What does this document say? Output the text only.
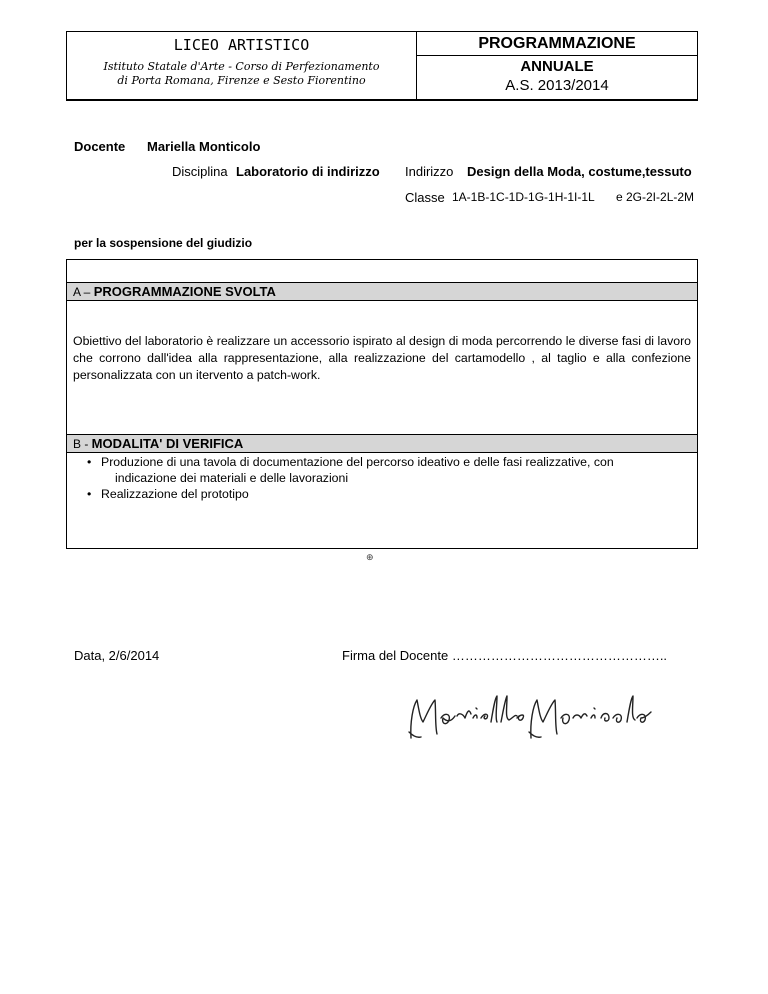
LICEO ARTISTICO
Istituto Statale d'Arte - Corso di Perfezionamento
di Porta Romana, Firenze e Sesto Fiorentino
PROGRAMMAZIONE
ANNUALE
A.S. 2013/2014
Docente Mariella Monticolo
Disciplina Laboratorio di indirizzo Indirizzo Design della Moda, costume,tessuto
Classe 1A-1B-1C-1D-1G-1H-1I-1L e 2G-2I-2L-2M
per la sospensione del giudizio
A – PROGRAMMAZIONE SVOLTA
Obiettivo del laboratorio è realizzare un accessorio ispirato al design di moda percorrendo le diverse fasi di lavoro che corrono dall'idea alla rappresentazione, alla realizzazione del cartamodello , al taglio e alla confezione personalizzata con un itervento a patch-work.
B - MODALITA' DI VERIFICA
• Produzione di una tavola di documentazione del percorso ideativo e delle fasi realizzative, con
indicazione dei materiali e delle lavorazioni
• Realizzazione del prototipo
⊕
Data, 2/6/2014	Firma del Docente …………………………………………..
